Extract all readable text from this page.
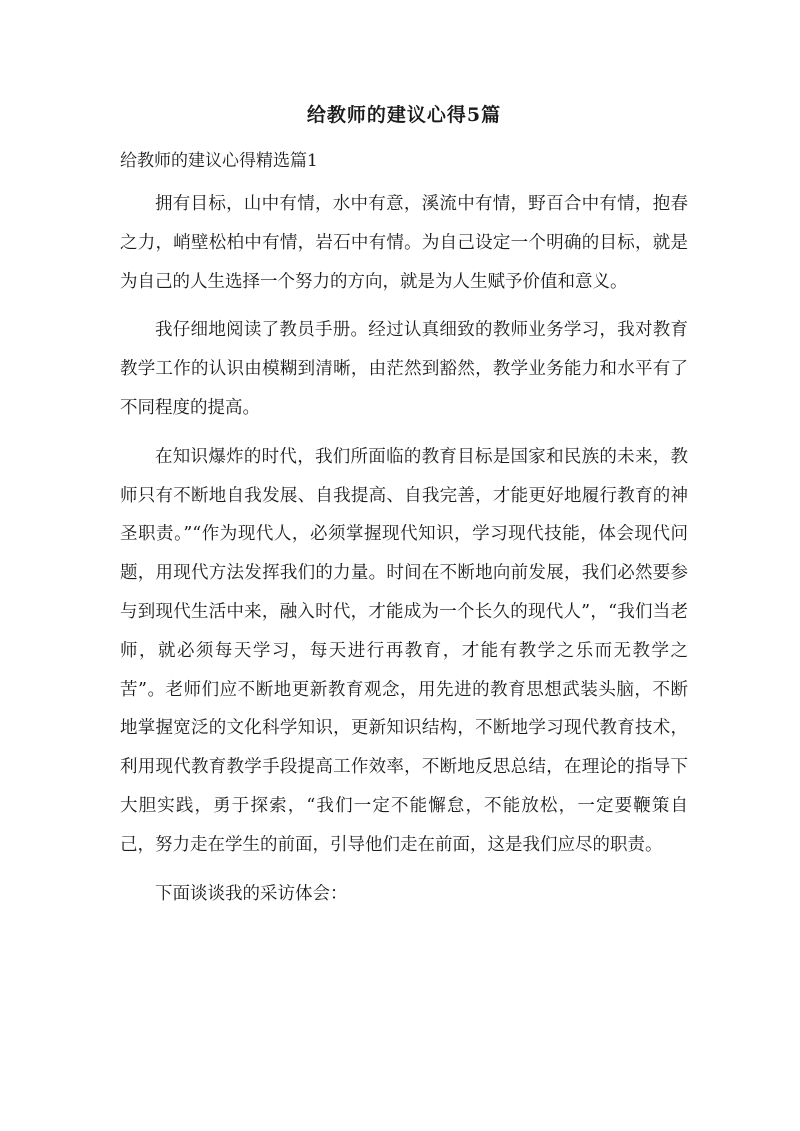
给教师的建议心得5篇
给教师的建议心得精选篇1

拥有目标，山中有情，水中有意，溪流中有情，野百合中有情，抱春之力，峭壁松柏中有情，岩石中有情。为自己设定一个明确的目标，就是为自己的人生选择一个努力的方向，就是为人生赋予价值和意义。

我仔细地阅读了教员手册。经过认真细致的教师业务学习，我对教育教学工作的认识由模糊到清晰，由茫然到豁然，教学业务能力和水平有了不同程度的提高。

在知识爆炸的时代，我们所面临的教育目标是国家和民族的未来，教师只有不断地自我发展、自我提高、自我完善，才能更好地履行教育的神圣职责。”“作为现代人，必须掌握现代知识，学习现代技能，体会现代问题，用现代方法发挥我们的力量。时间在不断地向前发展，我们必然要参与到现代生活中来，融入时代，才能成为一个长久的现代人”，“我们当老师，就必须每天学习，每天进行再教育，才能有教学之乐而无教学之苦”。老师们应不断地更新教育观念，用先进的教育思想武装头脑，不断地掌握宽泛的文化科学知识，更新知识结构，不断地学习现代教育技术，利用现代教育教学手段提高工作效率，不断地反思总结，在理论的指导下大胆实践，勇于探索，“我们一定不能懈怠，不能放松，一定要鞭策自己，努力走在学生的前面，引导他们走在前面，这是我们应尽的职责。

下面谈谈我的采访体会：
